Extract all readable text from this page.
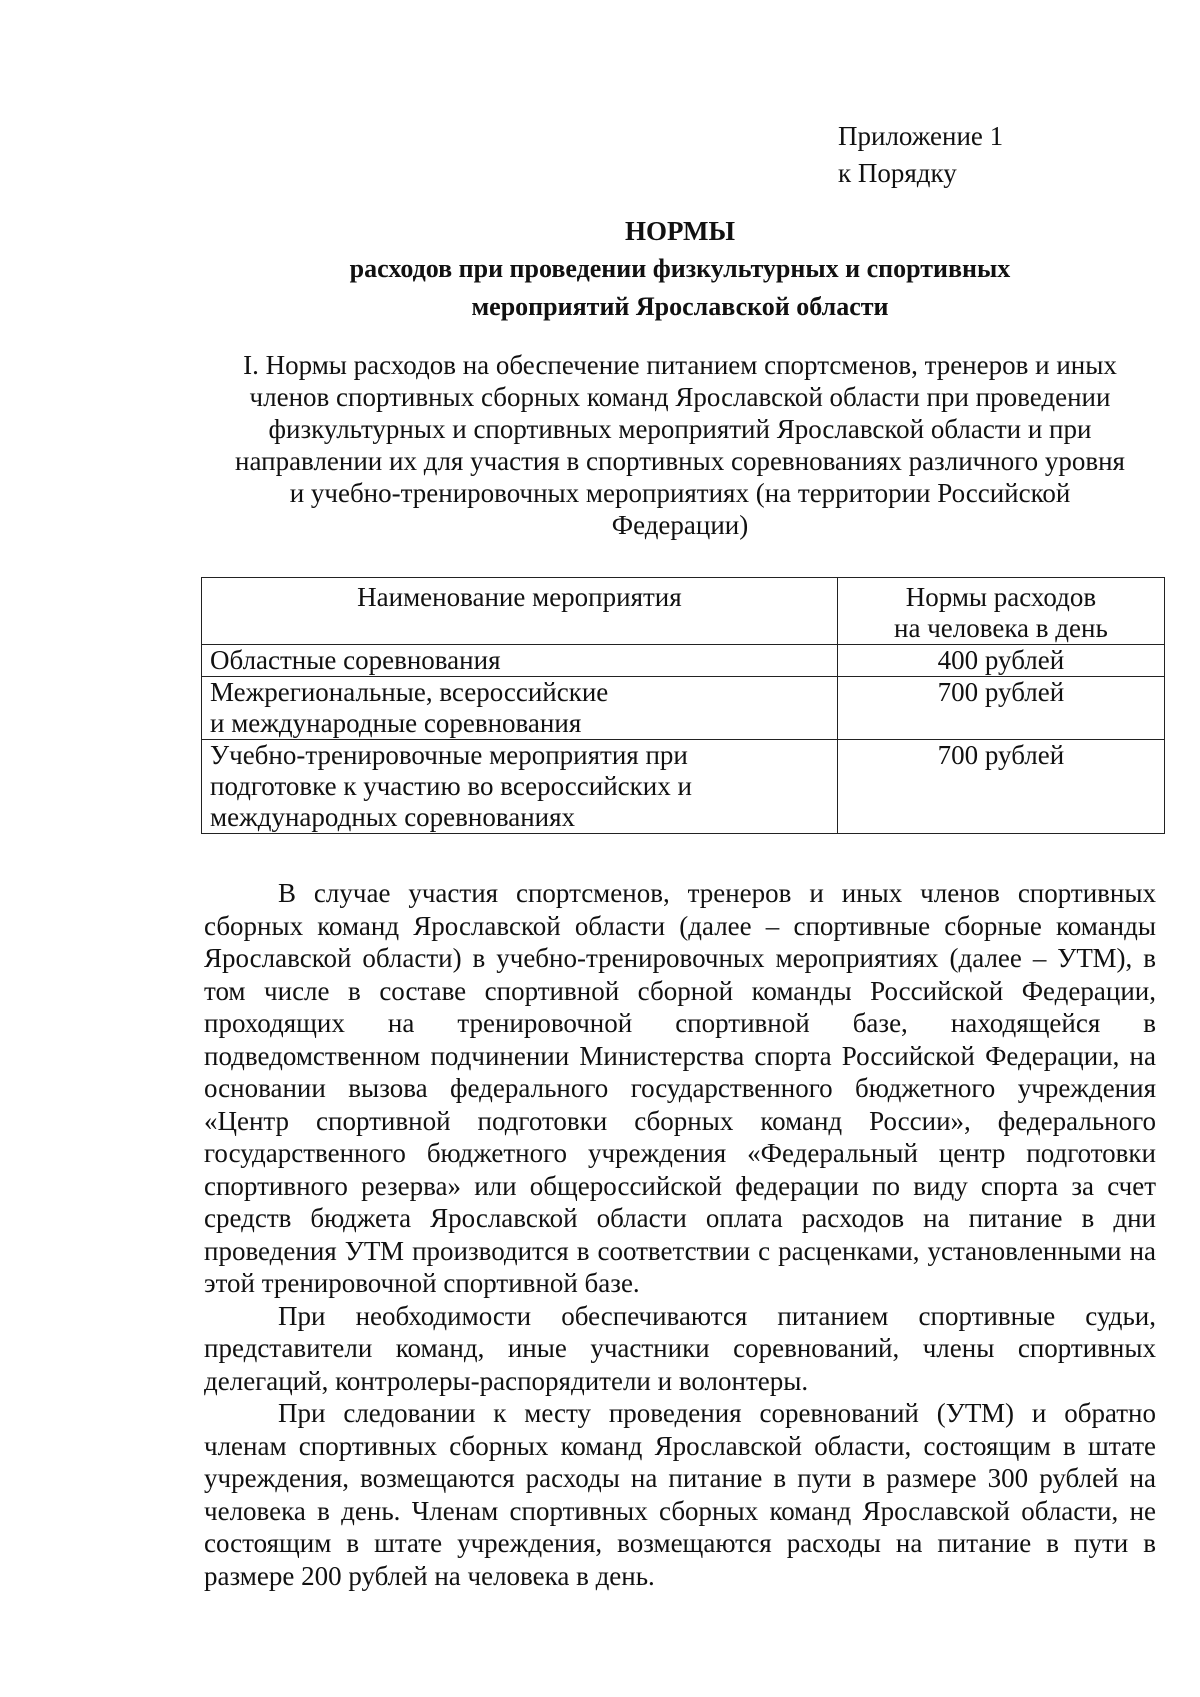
Приложение 1
к Порядку
НОРМЫ
расходов при проведении физкультурных и спортивных
мероприятий Ярославской области
I. Нормы расходов на обеспечение питанием спортсменов, тренеров и иных
членов спортивных сборных команд Ярославской области при проведении
физкультурных и спортивных мероприятий Ярославской области и при
направлении их для участия в спортивных соревнованиях различного уровня
и учебно-тренировочных мероприятиях (на территории Российской
Федерации)
Наименование мероприятия	Нормы расходов
на человека в день

Областные соревнования	400 рублей

Межрегиональные, всероссийские
и международные соревнования	700 рублей

Учебно-тренировочные мероприятия при
подготовке к участию во всероссийских и
международных соревнованиях	700 рублей

В случае участия спортсменов, тренеров и иных членов спортивных сборных команд Ярославской области (далее – спортивные сборные команды Ярославской области) в учебно-тренировочных мероприятиях (далее – УТМ), в том числе в составе спортивной сборной команды Российской Федерации, проходящих на тренировочной спортивной базе, находящейся в подведомственном подчинении Министерства спорта Российской Федерации, на основании вызова федерального государственного бюджетного учреждения «Центр спортивной подготовки сборных команд России», федерального государственного бюджетного учреждения «Федеральный центр подготовки спортивного резерва» или общероссийской федерации по виду спорта за счет средств бюджета Ярославской области оплата расходов на питание в дни проведения УТМ производится в соответствии с расценками, установленными на этой тренировочной спортивной базе.

При необходимости обеспечиваются питанием спортивные судьи, представители команд, иные участники соревнований, члены спортивных делегаций, контролеры-распорядители и волонтеры.

При следовании к месту проведения соревнований (УТМ) и обратно членам спортивных сборных команд Ярославской области, состоящим в штате учреждения, возмещаются расходы на питание в пути в размере 300 рублей на человека в день. Членам спортивных сборных команд Ярославской области, не состоящим в штате учреждения, возмещаются расходы на питание в пути в размере 200 рублей на человека в день.
